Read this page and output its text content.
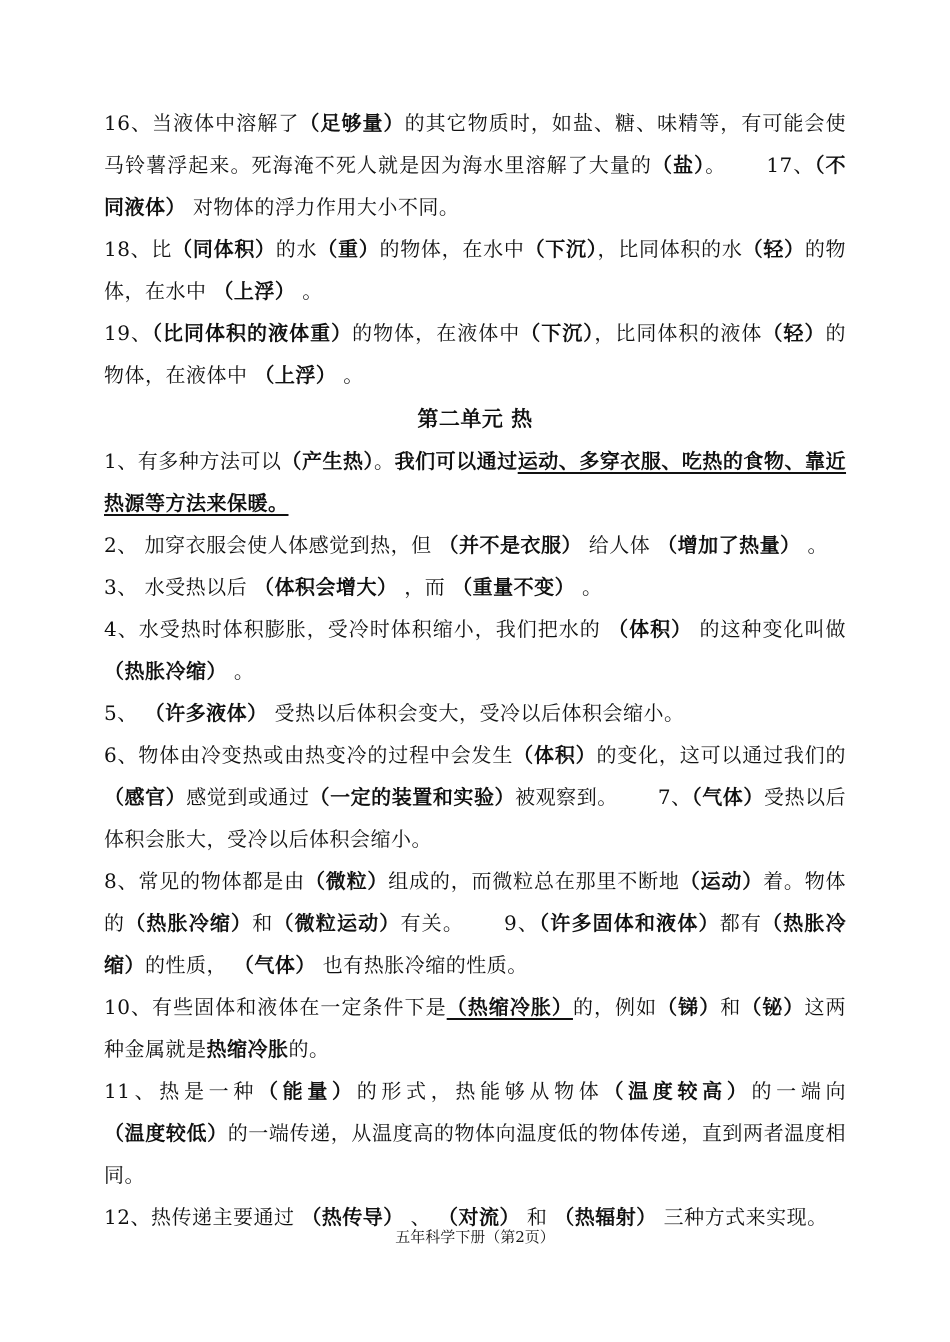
16、当液体中溶解了（足够量）的其它物质时，如盐、糖、味精等，有可能会使马铃薯浮起来。死海淹不死人就是因为海水里溶解了大量的（盐）。 17、（不同液体） 对物体的浮力作用大小不同。

18、比（同体积）的水（重）的物体，在水中（下沉），比同体积的水（轻）的物体，在水中 （上浮） 。

19、（比同体积的液体重）的物体，在液体中（下沉），比同体积的液体（轻）的物体，在液体中 （上浮） 。

第二单元 热

1、有多种方法可以（产生热）。我们可以通过运动、多穿衣服、吃热的食物、靠近热源等方法来保暖。

2、 加穿衣服会使人体感觉到热，但 （并不是衣服） 给人体 （增加了热量） 。

3、 水受热以后 （体积会增大） ，而 （重量不变） 。

4、水受热时体积膨胀，受冷时体积缩小，我们把水的 （体积） 的这种变化叫做 （热胀冷缩） 。

5、 （许多液体） 受热以后体积会变大，受冷以后体积会缩小。

6、物体由冷变热或由热变冷的过程中会发生（体积）的变化，这可以通过我们的（感官）感觉到或通过（一定的装置和实验）被观察到。 7、（气体）受热以后体积会胀大，受冷以后体积会缩小。

8、常见的物体都是由（微粒）组成的，而微粒总在那里不断地（运动）着。物体的（热胀冷缩）和（微粒运动）有关。 9、（许多固体和液体）都有（热胀冷缩）的性质， （气体） 也有热胀冷缩的性质。

10、有些固体和液体在一定条件下是（热缩冷胀）的，例如（锑）和（铋）这两种金属就是热缩冷胀的。

11、热是一种（能量）的形式，热能够从物体（温度较高）的一端向（温度较低）的一端传递，从温度高的物体向温度低的物体传递，直到两者温度相同。

12、热传递主要通过 （热传导） 、 （对流） 和 （热辐射） 三种方式来实现。

五年科学下册（第2页）
